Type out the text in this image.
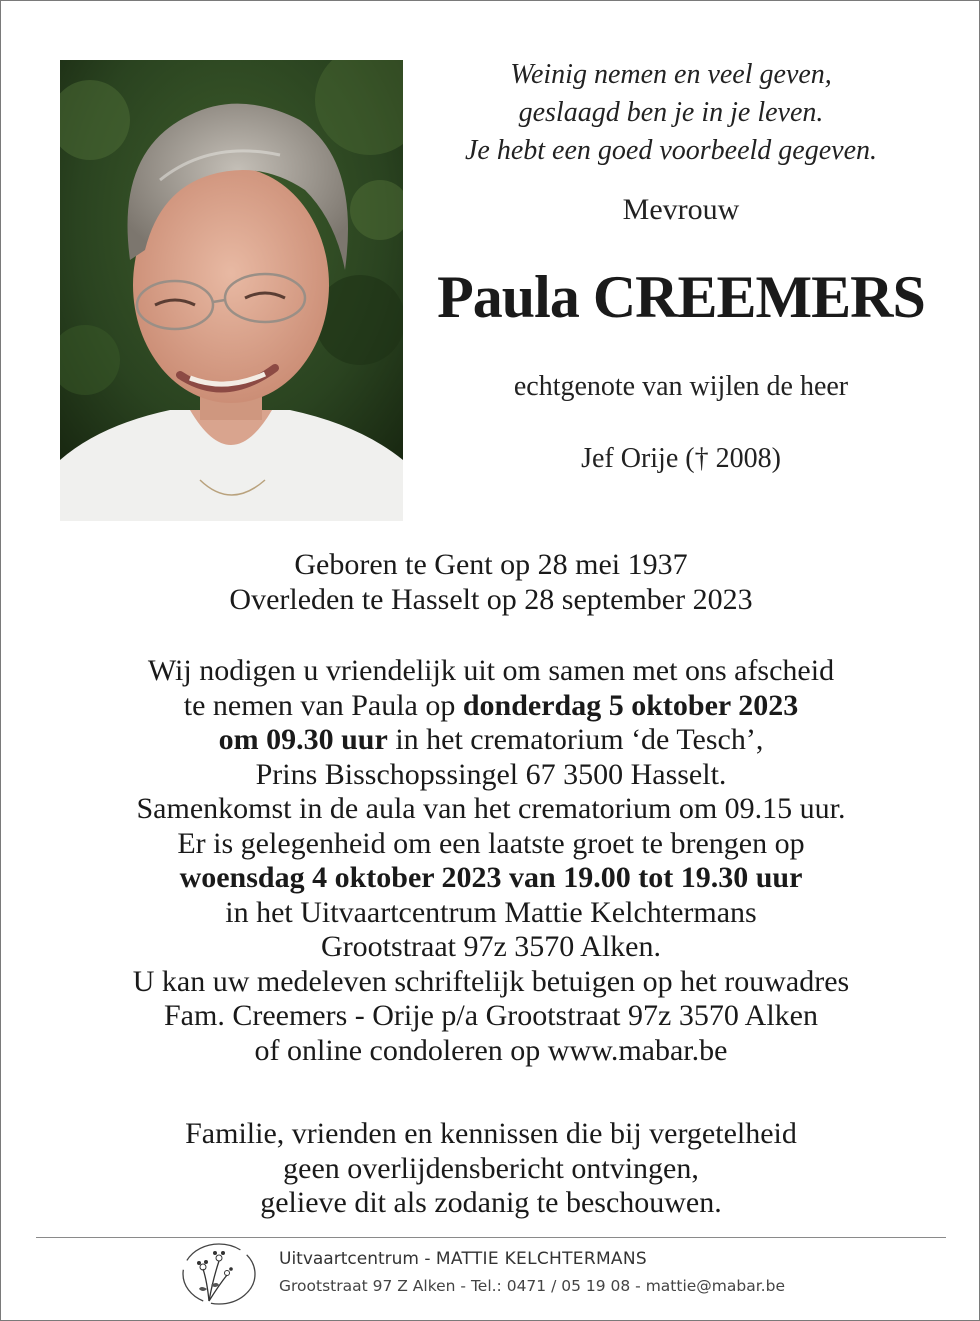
Weinig nemen en veel geven,
geslaagd ben je in je leven.
Je hebt een goed voorbeeld gegeven.
Mevrouw
Paula CREEMERS
echtgenote van wijlen de heer
Jef Orije († 2008)
Geboren te Gent op 28 mei 1937
Overleden te Hasselt op 28 september 2023
Wij nodigen u vriendelijk uit om samen met ons afscheid
te nemen van Paula op donderdag 5 oktober 2023
om 09.30 uur in het crematorium ‘de Tesch’,
Prins Bisschopssingel 67 3500 Hasselt.
Samenkomst in de aula van het crematorium om 09.15 uur.
Er is gelegenheid om een laatste groet te brengen op
woensdag 4 oktober 2023 van 19.00 tot 19.30 uur
in het Uitvaartcentrum Mattie Kelchtermans
Grootstraat 97z 3570 Alken.
U kan uw medeleven schriftelijk betuigen op het rouwadres
Fam. Creemers - Orije p/a Grootstraat 97z 3570 Alken
of online condoleren op www.mabar.be
Familie, vrienden en kennissen die bij vergetelheid
geen overlijdensbericht ontvingen,
gelieve dit als zodanig te beschouwen.
Uitvaartcentrum - MATTIE KELCHTERMANS
Grootstraat 97 Z Alken - Tel.: 0471 / 05 19 08 - mattie@mabar.be
